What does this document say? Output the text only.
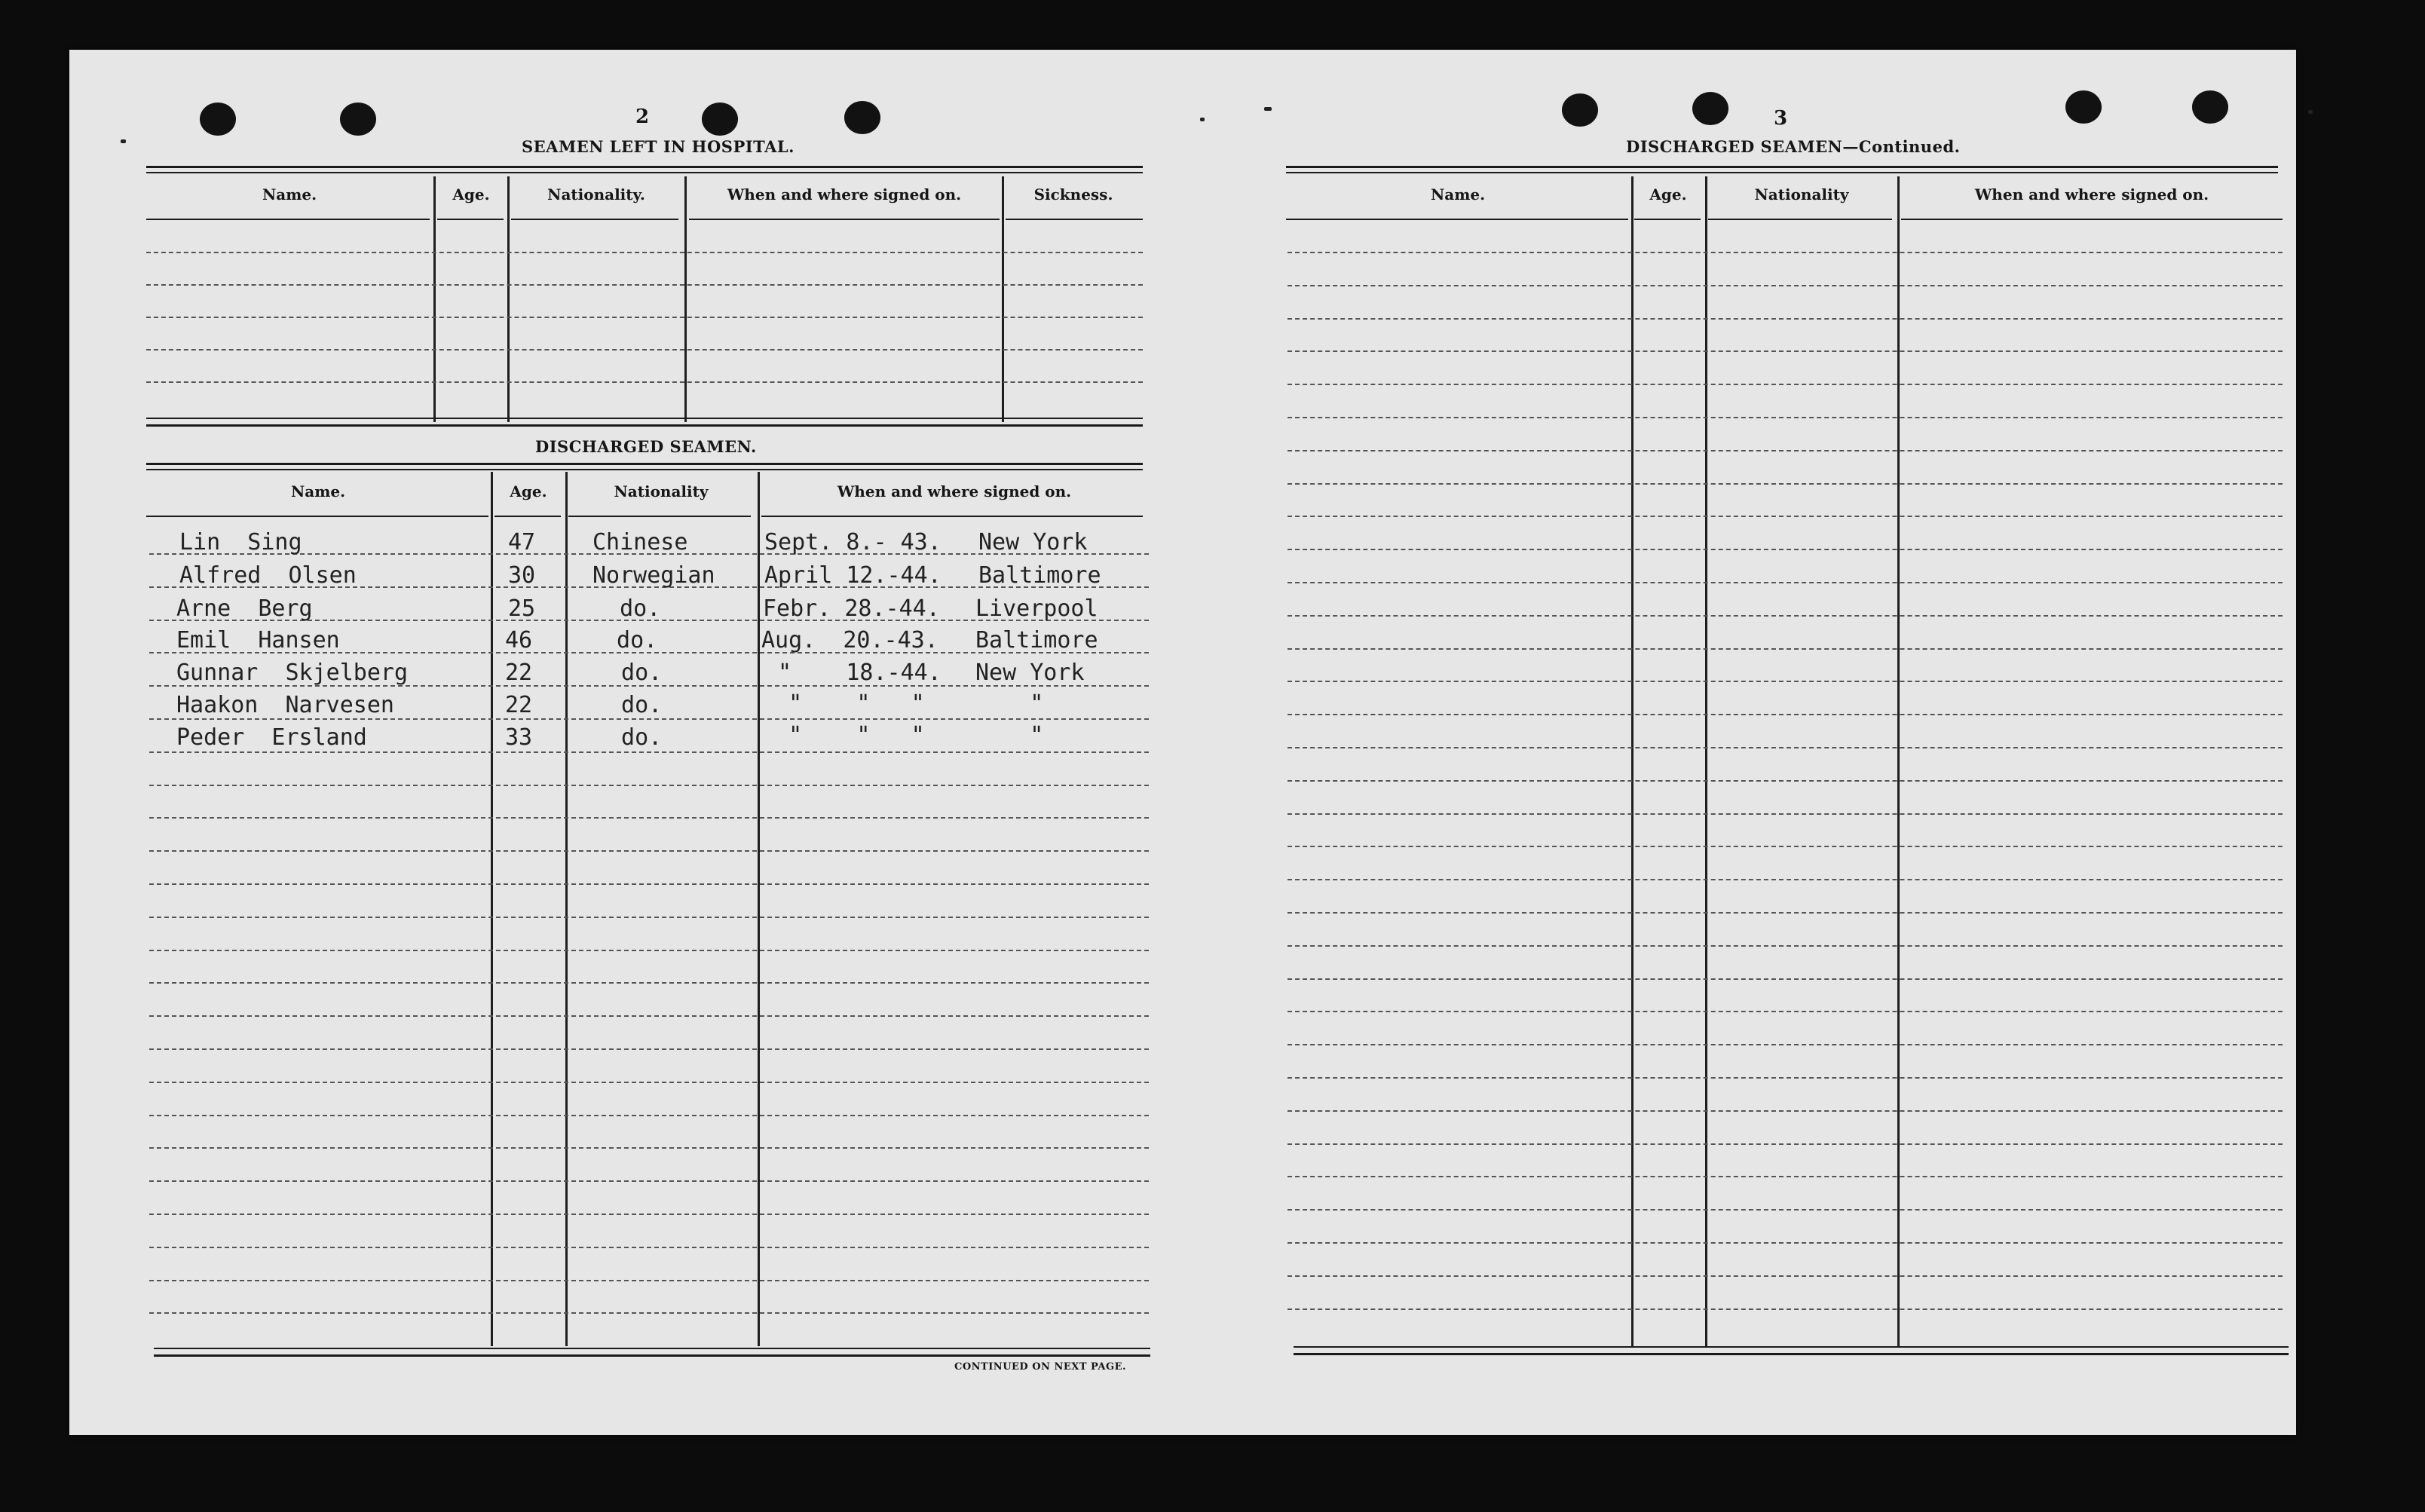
2
SEAMEN LEFT IN HOSPITAL.
Name.	Age.	Nationality.	When and where signed on.	Sickness.
DISCHARGED SEAMEN.
Name.	Age.	Nationality	When and where signed on.
Lin  Sing	47	Chinese	Sept. 8.- 43. New York
Alfred  Olsen	30	Norwegian April 12.-44. Baltimore
Arne  Berg	25	do.	Febr. 28.-44. Liverpool
Emil  Hansen	46	do.	Aug.  20.-43. Baltimore
Gunnar  Skjelberg	22	do.	"    18.-44. New York
Haakon  Narvesen	22	do.	"    "   " "
Peder  Ersland	33	do.	"    "   " "
CONTINUED ON NEXT PAGE.
3
DISCHARGED SEAMEN—Continued.
Name.	Age.	Nationality	When and where signed on.
